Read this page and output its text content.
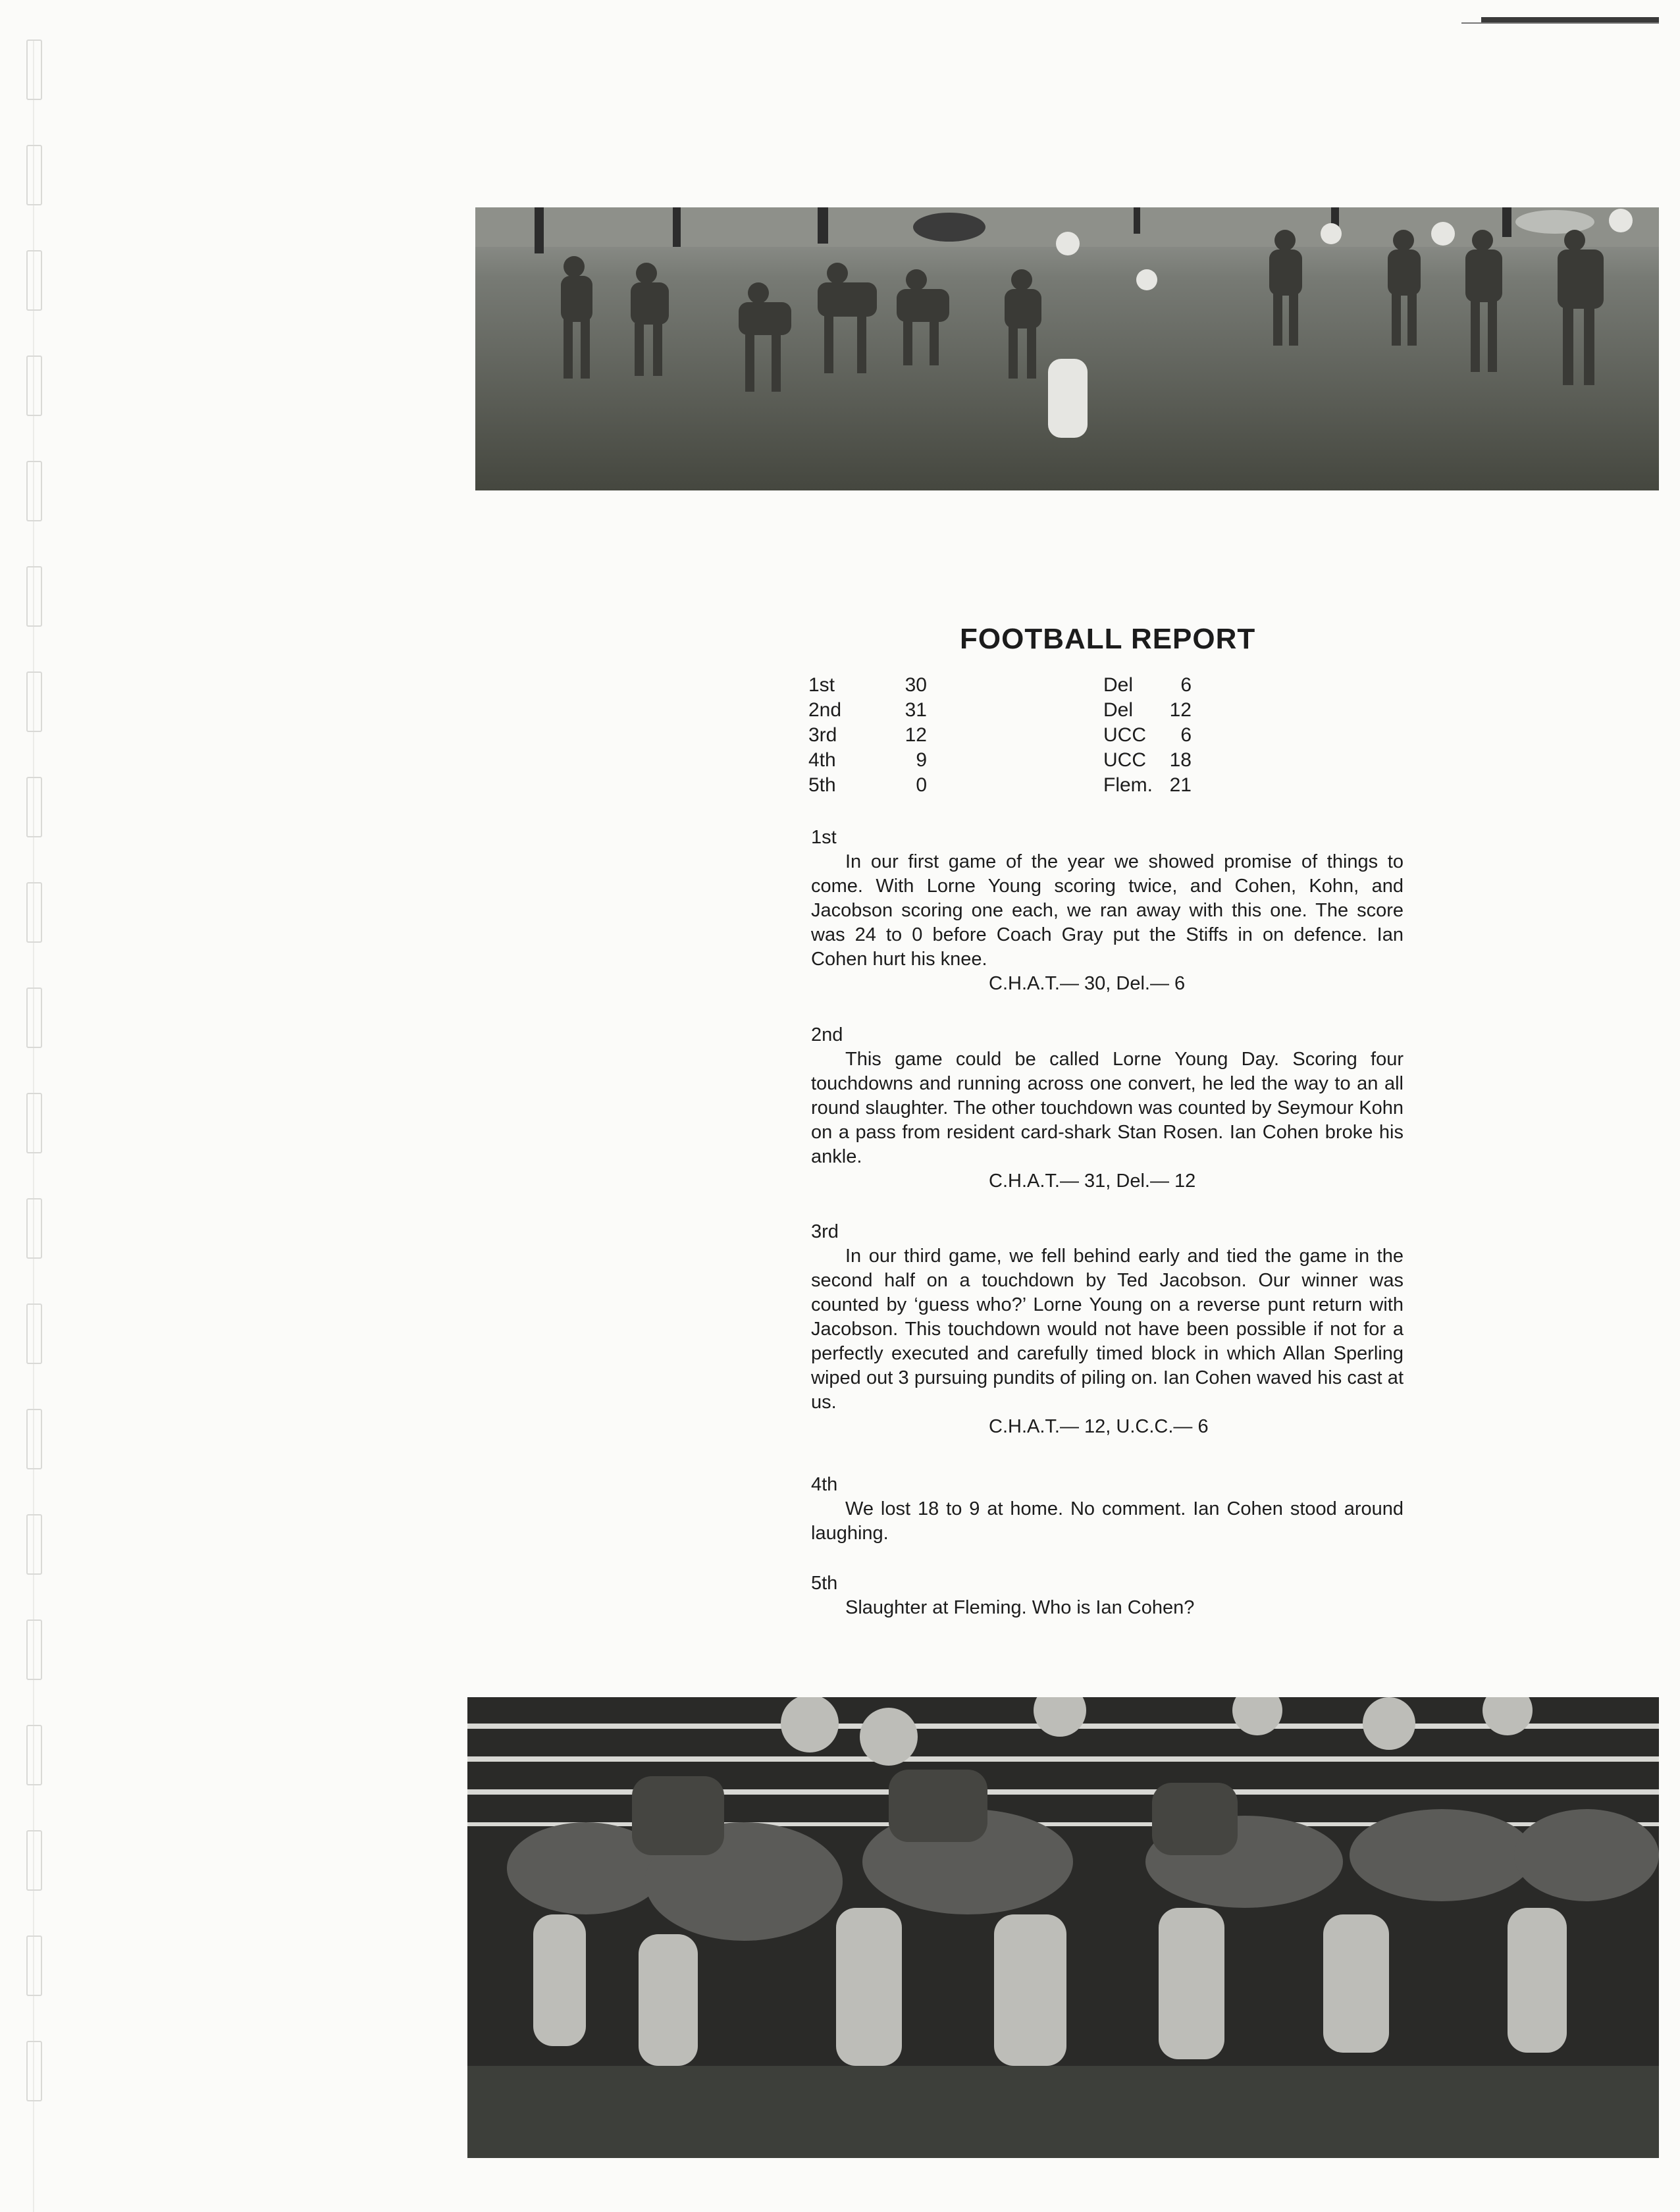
FOOTBALL REPORT
1st	30	Del	6
2nd	31	Del	12
3rd	12	UCC	6
4th	9	UCC	18
5th	0	Flem. 21

1st

In our first game of the year we showed promise of things to come. With Lorne Young scoring twice, and Cohen, Kohn, and Jacobson scoring one each, we ran away with this one. The score was 24 to 0 before Coach Gray put the Stiffs in on defence. Ian Cohen hurt his knee.

C.H.A.T.— 30, Del.— 6

2nd

This game could be called Lorne Young Day. Scoring four touchdowns and running across one convert, he led the way to an all round slaughter. The other touchdown was counted by Seymour Kohn on a pass from resident card-shark Stan Rosen. Ian Cohen broke his ankle.

C.H.A.T.— 31, Del.— 12

3rd

In our third game, we fell behind early and tied the game in the second half on a touchdown by Ted Jacobson. Our winner was counted by ‘guess who?’ Lorne Young on a reverse punt return with Jacobson. This touchdown would not have been possible if not for a perfectly executed and carefully timed block in which Allan Sperling wiped out 3 pursuing pundits of piling on. Ian Cohen waved his cast at us.

C.H.A.T.— 12, U.C.C.— 6

4th

We lost 18 to 9 at home. No comment. Ian Cohen stood around laughing.

5th

Slaughter at Fleming. Who is Ian Cohen?
